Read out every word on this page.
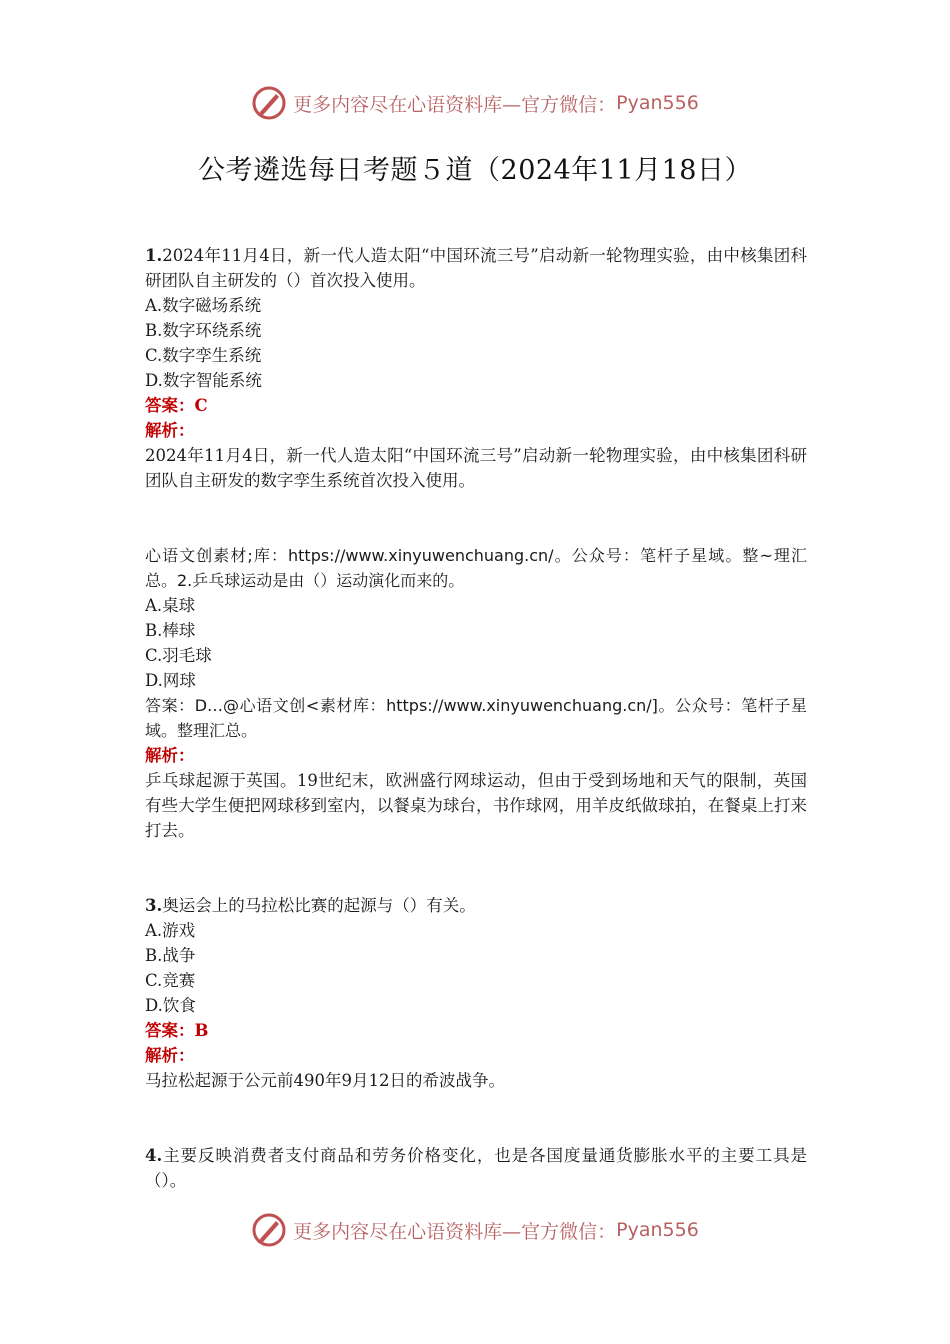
更多内容尽在心语资料库—官方微信： Pyan556
公考遴选每日考题５道（2024年11月18日）

1.2024年11月4日，新一代人造太阳“中国环流三号”启动新一轮物理实验，由中核集团科研团队自主研发的（）首次投入使用。

A.数字磁场系统

B.数字环绕系统

C.数字孪生系统

D.数字智能系统

答案：C

解析：

2024年11月4日，新一代人造太阳“中国环流三号”启动新一轮物理实验，由中核集团科研团队自主研发的数字孪生系统首次投入使用。

心语文创素材;库：https://www.xinyuwenchuang.cn/。公众号：笔杆子星域。整~理汇总。2.乒乓球运动是由（）运动演化而来的。

A.桌球

B.棒球

C.羽毛球

D.网球

答案：D…@心语文创<素材库：https://www.xinyuwenchuang.cn/]。公众号：笔杆子星域。整理汇总。

解析：

乒乓球起源于英国。19世纪末，欧洲盛行网球运动，但由于受到场地和天气的限制，英国有些大学生便把网球移到室内，以餐桌为球台，书作球网，用羊皮纸做球拍，在餐桌上打来打去。

3.奥运会上的马拉松比赛的起源与（）有关。

A.游戏

B.战争

C.竞赛

D.饮食

答案：B

解析：

马拉松起源于公元前490年9月12日的希波战争。

4.主要反映消费者支付商品和劳务价格变化，也是各国度量通货膨胀水平的主要工具是（）。

更多内容尽在心语资料库—官方微信： Pyan556
